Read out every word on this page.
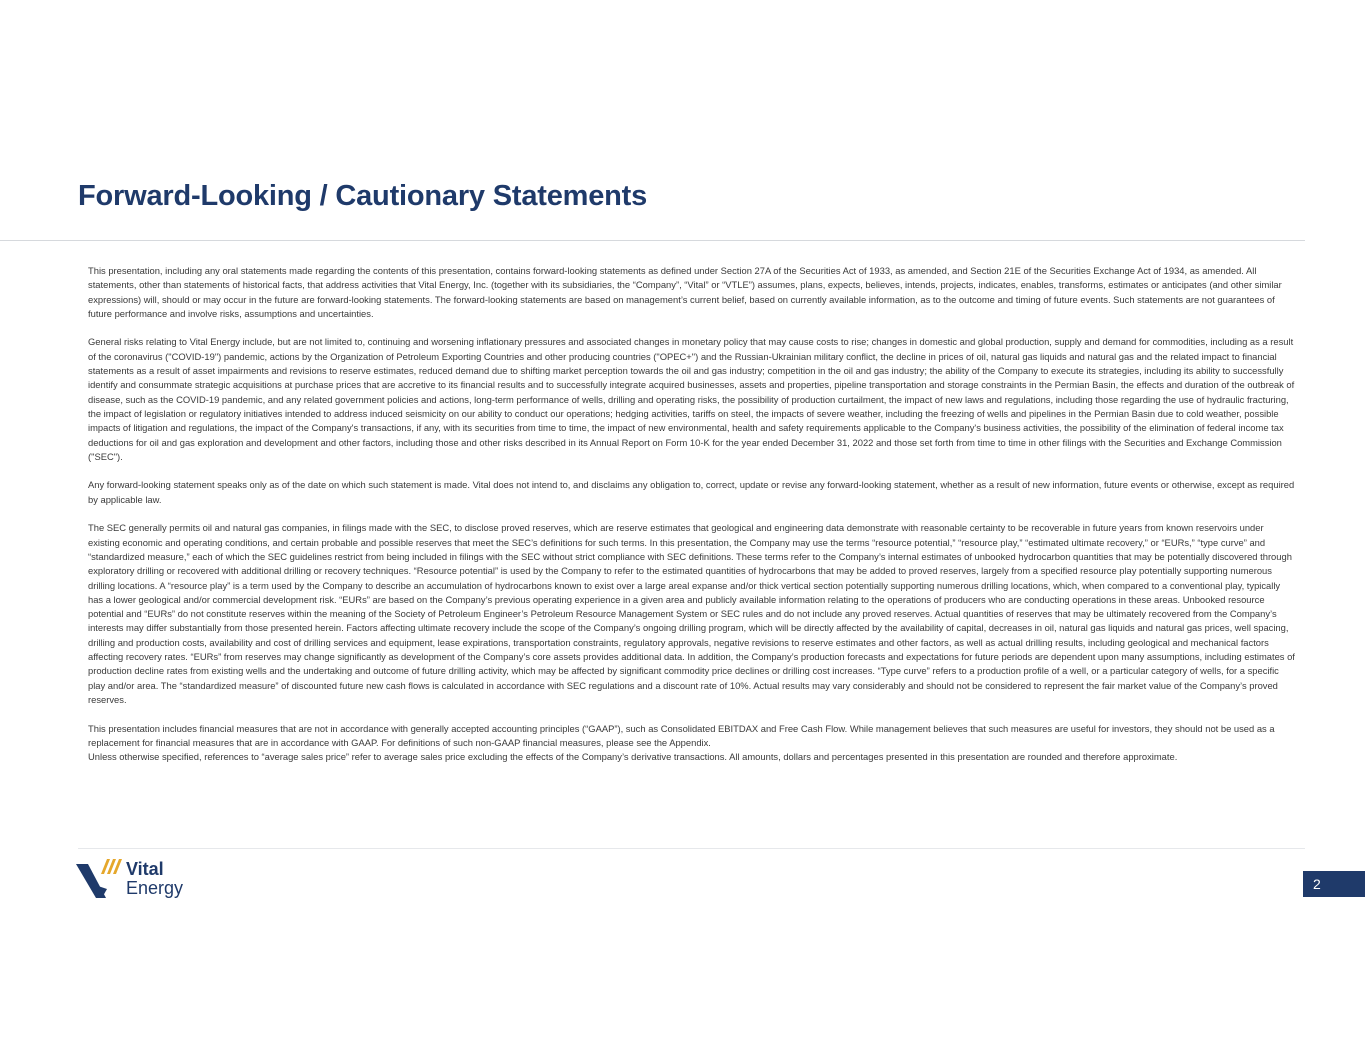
Forward-Looking / Cautionary Statements

This presentation, including any oral statements made regarding the contents of this presentation, contains forward-looking statements as defined under Section 27A of the Securities Act of 1933, as amended, and Section 21E of the Securities Exchange Act of 1934, as amended. All statements, other than statements of historical facts, that address activities that Vital Energy, Inc. (together with its subsidiaries, the “Company”, “Vital” or “VTLE”) assumes, plans, expects, believes, intends, projects, indicates, enables, transforms, estimates or anticipates (and other similar expressions) will, should or may occur in the future are forward-looking statements. The forward-looking statements are based on management’s current belief, based on currently available information, as to the outcome and timing of future events. Such statements are not guarantees of future performance and involve risks, assumptions and uncertainties.

General risks relating to Vital Energy include, but are not limited to, continuing and worsening inflationary pressures and associated changes in monetary policy that may cause costs to rise; changes in domestic and global production, supply and demand for commodities, including as a result of the coronavirus ("COVID-19") pandemic, actions by the Organization of Petroleum Exporting Countries and other producing countries ("OPEC+") and the Russian-Ukrainian military conflict, the decline in prices of oil, natural gas liquids and natural gas and the related impact to financial statements as a result of asset impairments and revisions to reserve estimates, reduced demand due to shifting market perception towards the oil and gas industry; competition in the oil and gas industry; the ability of the Company to execute its strategies, including its ability to successfully identify and consummate strategic acquisitions at purchase prices that are accretive to its financial results and to successfully integrate acquired businesses, assets and properties, pipeline transportation and storage constraints in the Permian Basin, the effects and duration of the outbreak of disease, such as the COVID-19 pandemic, and any related government policies and actions, long-term performance of wells, drilling and operating risks, the possibility of production curtailment, the impact of new laws and regulations, including those regarding the use of hydraulic fracturing, the impact of legislation or regulatory initiatives intended to address induced seismicity on our ability to conduct our operations; hedging activities, tariffs on steel, the impacts of severe weather, including the freezing of wells and pipelines in the Permian Basin due to cold weather, possible impacts of litigation and regulations, the impact of the Company's transactions, if any, with its securities from time to time, the impact of new environmental, health and safety requirements applicable to the Company's business activities, the possibility of the elimination of federal income tax deductions for oil and gas exploration and development and other factors, including those and other risks described in its Annual Report on Form 10-K for the year ended December 31, 2022 and those set forth from time to time in other filings with the Securities and Exchange Commission ("SEC").

Any forward-looking statement speaks only as of the date on which such statement is made. Vital does not intend to, and disclaims any obligation to, correct, update or revise any forward-looking statement, whether as a result of new information, future events or otherwise, except as required by applicable law.

The SEC generally permits oil and natural gas companies, in filings made with the SEC, to disclose proved reserves, which are reserve estimates that geological and engineering data demonstrate with reasonable certainty to be recoverable in future years from known reservoirs under existing economic and operating conditions, and certain probable and possible reserves that meet the SEC’s definitions for such terms. In this presentation, the Company may use the terms “resource potential,” “resource play,” “estimated ultimate recovery,” or “EURs,” “type curve” and “standardized measure,” each of which the SEC guidelines restrict from being included in filings with the SEC without strict compliance with SEC definitions. These terms refer to the Company’s internal estimates of unbooked hydrocarbon quantities that may be potentially discovered through exploratory drilling or recovered with additional drilling or recovery techniques. “Resource potential” is used by the Company to refer to the estimated quantities of hydrocarbons that may be added to proved reserves, largely from a specified resource play potentially supporting numerous drilling locations. A “resource play” is a term used by the Company to describe an accumulation of hydrocarbons known to exist over a large areal expanse and/or thick vertical section potentially supporting numerous drilling locations, which, when compared to a conventional play, typically has a lower geological and/or commercial development risk. “EURs” are based on the Company’s previous operating experience in a given area and publicly available information relating to the operations of producers who are conducting operations in these areas. Unbooked resource potential and “EURs” do not constitute reserves within the meaning of the Society of Petroleum Engineer’s Petroleum Resource Management System or SEC rules and do not include any proved reserves. Actual quantities of reserves that may be ultimately recovered from the Company’s interests may differ substantially from those presented herein. Factors affecting ultimate recovery include the scope of the Company’s ongoing drilling program, which will be directly affected by the availability of capital, decreases in oil, natural gas liquids and natural gas prices, well spacing, drilling and production costs, availability and cost of drilling services and equipment, lease expirations, transportation constraints, regulatory approvals, negative revisions to reserve estimates and other factors, as well as actual drilling results, including geological and mechanical factors affecting recovery rates. “EURs” from reserves may change significantly as development of the Company’s core assets provides additional data. In addition, the Company’s production forecasts and expectations for future periods are dependent upon many assumptions, including estimates of production decline rates from existing wells and the undertaking and outcome of future drilling activity, which may be affected by significant commodity price declines or drilling cost increases. “Type curve” refers to a production profile of a well, or a particular category of wells, for a specific play and/or area. The “standardized measure” of discounted future new cash flows is calculated in accordance with SEC regulations and a discount rate of 10%. Actual results may vary considerably and should not be considered to represent the fair market value of the Company’s proved reserves.

This presentation includes financial measures that are not in accordance with generally accepted accounting principles (“GAAP”), such as Consolidated EBITDAX and Free Cash Flow. While management believes that such measures are useful for investors, they should not be used as a replacement for financial measures that are in accordance with GAAP. For definitions of such non-GAAP financial measures, please see the Appendix.

Unless otherwise specified, references to “average sales price” refer to average sales price excluding the effects of the Company’s derivative transactions. All amounts, dollars and percentages presented in this presentation are rounded and therefore approximate.

Vital
Energy	2
